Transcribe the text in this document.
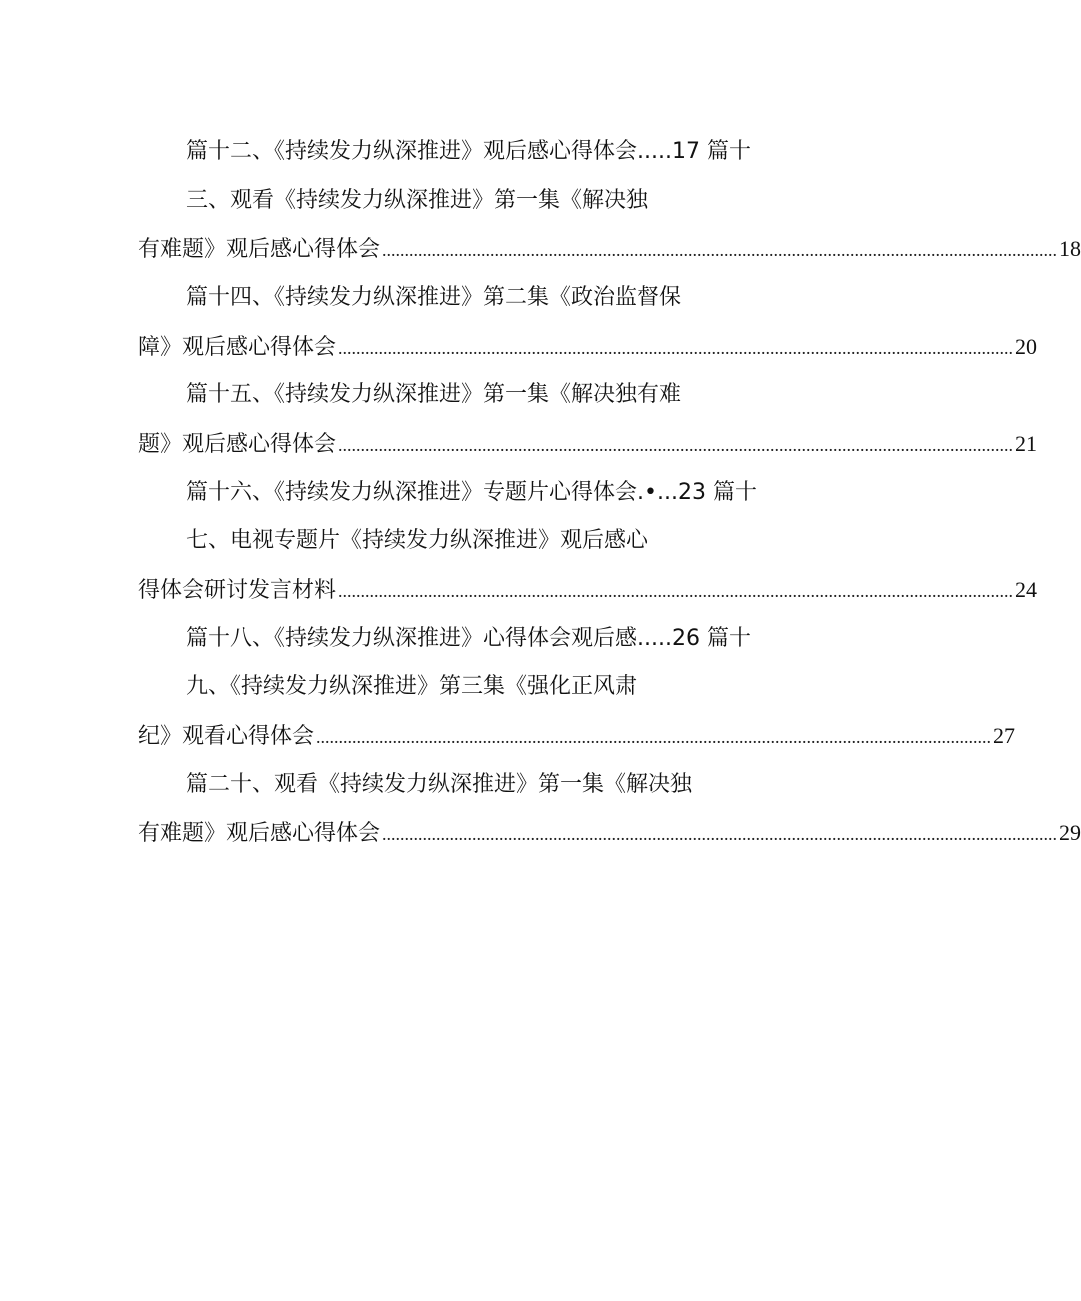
篇十二、《持续发力纵深推进》观后感心得体会.....17 篇十
三、观看《持续发力纵深推进》第一集《解决独
有难题》观后感心得体会 ...................................................................................................................................................... 18
篇十四、《持续发力纵深推进》第二集《政治监督保
障》观后感心得体会 ...................................................................................................................................................... 20
篇十五、《持续发力纵深推进》第一集《解决独有难
题》观后感心得体会 ...................................................................................................................................................... 21
篇十六、《持续发力纵深推进》专题片心得体会.•...23 篇十
七、电视专题片《持续发力纵深推进》观后感心
得体会研讨发言材料 ...................................................................................................................................................... 24
篇十八、《持续发力纵深推进》心得体会观后感.....26 篇十
九、《持续发力纵深推进》第三集《强化正风肃
纪》观看心得体会 ...................................................................................................................................................... 27
篇二十、观看《持续发力纵深推进》第一集《解决独
有难题》观后感心得体会 ...................................................................................................................................................... 29
